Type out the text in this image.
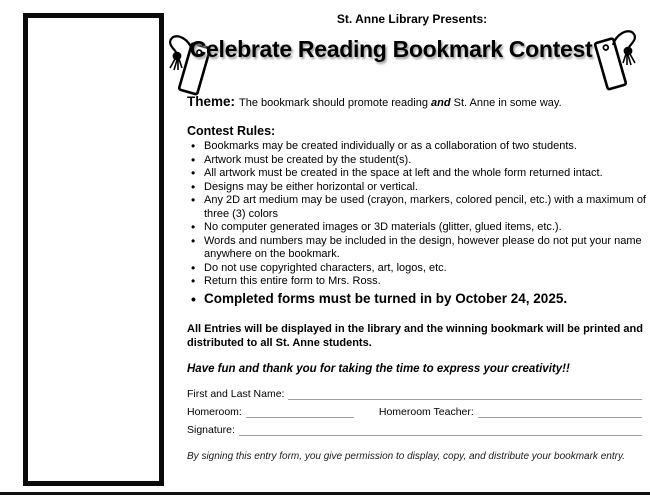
St. Anne Library Presents:
Celebrate Reading Bookmark Contest
Theme: The bookmark should promote reading and St. Anne in some way.
Contest Rules:
• Bookmarks may be created individually or as a collaboration of two students.
• Artwork must be created by the student(s).
• All artwork must be created in the space at left and the whole form returned intact.
• Designs may be either horizontal or vertical.
• Any 2D art medium may be used (crayon, markers, colored pencil, etc.) with a maximum of three (3) colors
• No computer generated images or 3D materials (glitter, glued items, etc.).
• Words and numbers may be included in the design, however please do not put your name anywhere on the bookmark.
• Do not use copyrighted characters, art, logos, etc.
• Return this entire form to Mrs. Ross.
• Completed forms must be turned in by October 24, 2025.
All Entries will be displayed in the library and the winning bookmark will be printed and distributed to all St. Anne students.
Have fun and thank you for taking the time to express your creativity!!
First and Last Name:
Homeroom:	Homeroom Teacher:
Signature:
By signing this entry form, you give permission to display, copy, and distribute your bookmark entry.
